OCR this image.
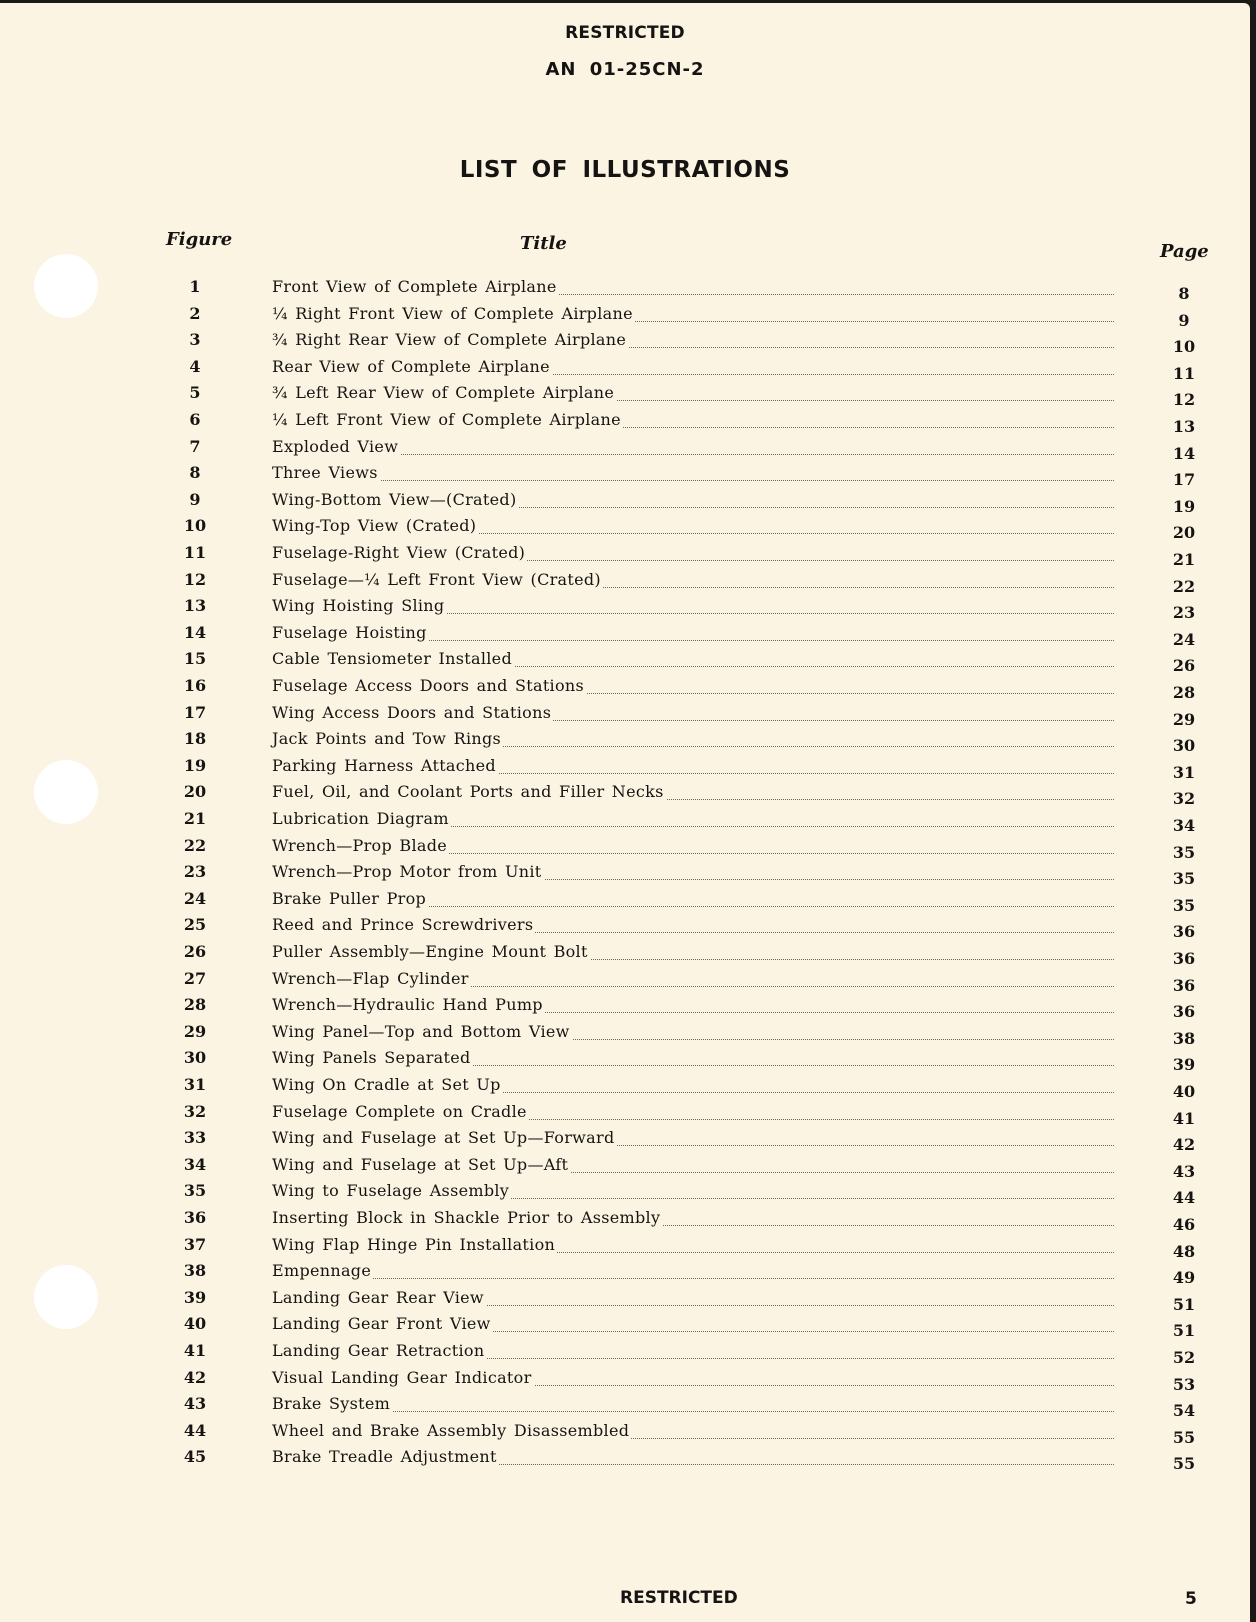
RESTRICTED
AN 01-25CN-2
LIST OF ILLUSTRATIONS
Figure	Title	Page
1	Front View of Complete Airplane	8
2	¼ Right Front View of Complete Airplane	9
3	¾ Right Rear View of Complete Airplane	10
4	Rear View of Complete Airplane	11
5	¾ Left Rear View of Complete Airplane	12
6	¼ Left Front View of Complete Airplane	13
7	Exploded View	14
8	Three Views	17
9	Wing-Bottom View—(Crated)	19
10	Wing-Top View (Crated)	20
11	Fuselage-Right View (Crated)	21
12	Fuselage—¼ Left Front View (Crated)	22
13	Wing Hoisting Sling	23
14	Fuselage Hoisting	24
15	Cable Tensiometer Installed	26
16	Fuselage Access Doors and Stations	28
17	Wing Access Doors and Stations	29
18	Jack Points and Tow Rings	30
19	Parking Harness Attached	31
20	Fuel, Oil, and Coolant Ports and Filler Necks	32
21	Lubrication Diagram	34
22	Wrench—Prop Blade	35
23	Wrench—Prop Motor from Unit	35
24	Brake Puller Prop	35
25	Reed and Prince Screwdrivers	36
26	Puller Assembly—Engine Mount Bolt	36
27	Wrench—Flap Cylinder	36
28	Wrench—Hydraulic Hand Pump	36
29	Wing Panel—Top and Bottom View	38
30	Wing Panels Separated	39
31	Wing On Cradle at Set Up	40
32	Fuselage Complete on Cradle	41
33	Wing and Fuselage at Set Up—Forward	42
34	Wing and Fuselage at Set Up—Aft	43
35	Wing to Fuselage Assembly	44
36	Inserting Block in Shackle Prior to Assembly	46
37	Wing Flap Hinge Pin Installation	48
38	Empennage	49
39	Landing Gear Rear View	51
40	Landing Gear Front View	51
41	Landing Gear Retraction	52
42	Visual Landing Gear Indicator	53
43	Brake System	54
44	Wheel and Brake Assembly Disassembled	55
45	Brake Treadle Adjustment	55
RESTRICTED	5
